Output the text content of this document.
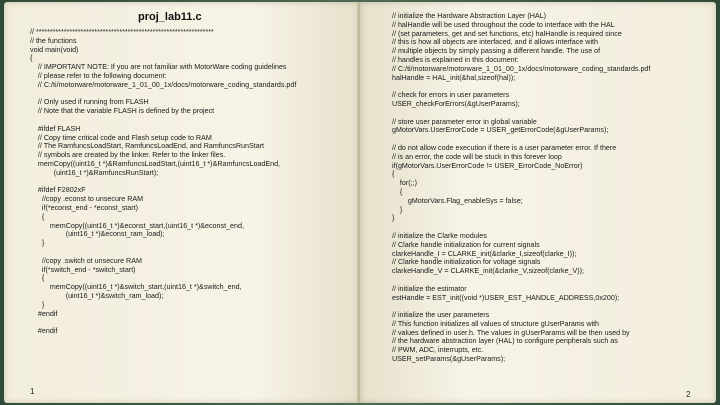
proj_lab11.c
// ****************************************************************
// the functions
void main(void)
{
// IMPORTANT NOTE: If you are not familiar with MotorWare coding guidelines
// please refer to the following document:
// C:/ti/motorware/motorware_1_01_00_1x/docs/motorware_coding_standards.pdf

// Only used if running from FLASH
// Note that the variable FLASH is defined by the project

#ifdef FLASH
// Copy time critical code and Flash setup code to RAM
// The RamfuncsLoadStart, RamfuncsLoadEnd, and RamfuncsRunStart
// symbols are created by the linker. Refer to the linker files.
memCopy((uint16_t *)&RamfuncsLoadStart,(uint16_t *)&RamfuncsLoadEnd,
(uint16_t *)&RamfuncsRunStart);

#ifdef F2802xF
//copy .econst to unsecure RAM
if(*econst_end - *econst_start)
{
memCopy((uint16_t *)&econst_start,(uint16_t *)&econst_end,
(uint16_t *)&econst_ram_load);
}

//copy .switch ot unsecure RAM
if(*switch_end - *switch_start)
{
memCopy((uint16_t *)&switch_start,(uint16_t *)&switch_end,
(uint16_t *)&switch_ram_load);
}
#endif

#endif
1
// initialize the Hardware Abstraction Layer (HAL)
// halHandle will be used throughout the code to interface with the HAL
// (set parameters, get and set functions, etc) halHandle is required since
// this is how all objects are interfaced, and it allows interface with
// multiple objects by simply passing a different handle. The use of
// handles is explained in this document:
// C:/ti/motorware/motorware_1_01_00_1x/docs/motorware_coding_standards.pdf
halHandle = HAL_init(&hal,sizeof(hal));

// check for errors in user parameters
USER_checkForErrors(&gUserParams);

// store user parameter error in global variable
gMotorVars.UserErrorCode = USER_getErrorCode(&gUserParams);

// do not allow code execution if there is a user parameter error. If there
// is an error, the code will be stuck in this forever loop
if(gMotorVars.UserErrorCode != USER_ErrorCode_NoError)
{
for(;;)
{
gMotorVars.Flag_enableSys = false;
}
}

// initialize the Clarke modules
// Clarke handle initialization for current signals
clarkeHandle_I = CLARKE_init(&clarke_I,sizeof(clarke_I));
// Clarke handle initialization for voltage signals
clarkeHandle_V = CLARKE_init(&clarke_V,sizeof(clarke_V));

// initialize the estimator
estHandle = EST_init((void *)USER_EST_HANDLE_ADDRESS,0x200);

// initialize the user parameters
// This function initializes all values of structure gUserParams with
// values defined in user.h. The values in gUserParams will be then used by
// the hardware abstraction layer (HAL) to configure peripherals such as
// PWM, ADC, interrupts, etc.
USER_setParams(&gUserParams);
2
